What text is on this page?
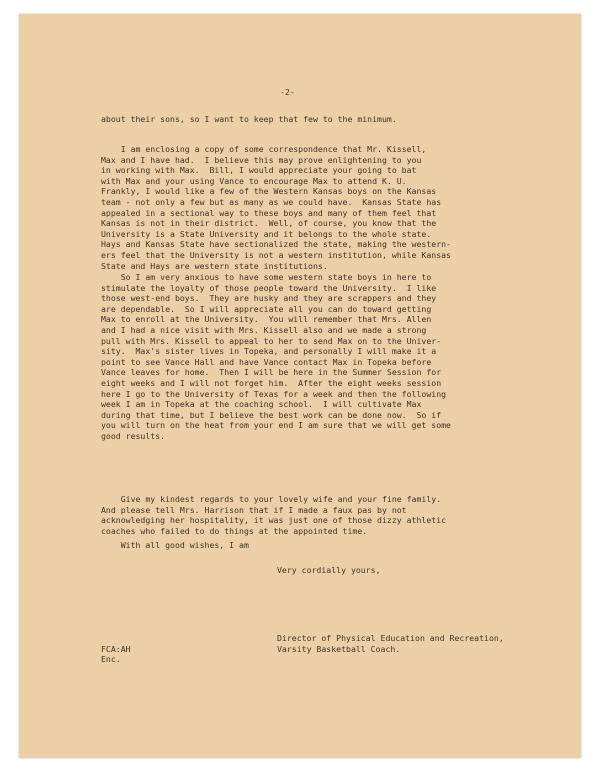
-2-
about their sons, so I want to keep that few to the minimum.
I am enclosing a copy of some correspondence that Mr. Kissell,
Max and I have had.  I believe this may prove enlightening to you
in working with Max.  Bill, I would appreciate your going to bat
with Max and your using Vance to encourage Max to attend K. U.
Frankly, I would like a few of the Western Kansas boys on the Kansas
team - not only a few but as many as we could have.  Kansas State has
appealed in a sectional way to these boys and many of them feel that
Kansas is not in their district.  Well, of course, you know that the
University is a State University and it belongs to the whole state.
Hays and Kansas State have sectionalized the state, making the western-
ers feel that the University is not a western institution, while Kansas
State and Hays are western state institutions.
So I am very anxious to have some western state boys in here to
stimulate the loyalty of those people toward the University.  I like
those west-end boys.  They are husky and they are scrappers and they
are dependable.  So I will appreciate all you can do toward getting
Max to enroll at the University.  You will remember that Mrs. Allen
and I had a nice visit with Mrs. Kissell also and we made a strong
pull with Mrs. Kissell to appeal to her to send Max on to the Univer-
sity.  Max's sister lives in Topeka, and personally I will make it a
point to see Vance Hall and have Vance contact Max in Topeka before
Vance leaves for home.  Then I will be here in the Summer Session for
eight weeks and I will not forget him.  After the eight weeks session
here I go to the University of Texas for a week and then the following
week I am in Topeka at the coaching school.  I will cultivate Max
during that time, but I believe the best work can be done now.  So if
you will turn on the heat from your end I am sure that we will get some
good results.
Give my kindest regards to your lovely wife and your fine family.
And please tell Mrs. Harrison that if I made a faux pas by not
acknowledging her hospitality, it was just one of those dizzy athletic
coaches who failed to do things at the appointed time.
With all good wishes, I am
Very cordially yours,
Director of Physical Education and Recreation,
Varsity Basketball Coach.
FCA:AH
Enc.
